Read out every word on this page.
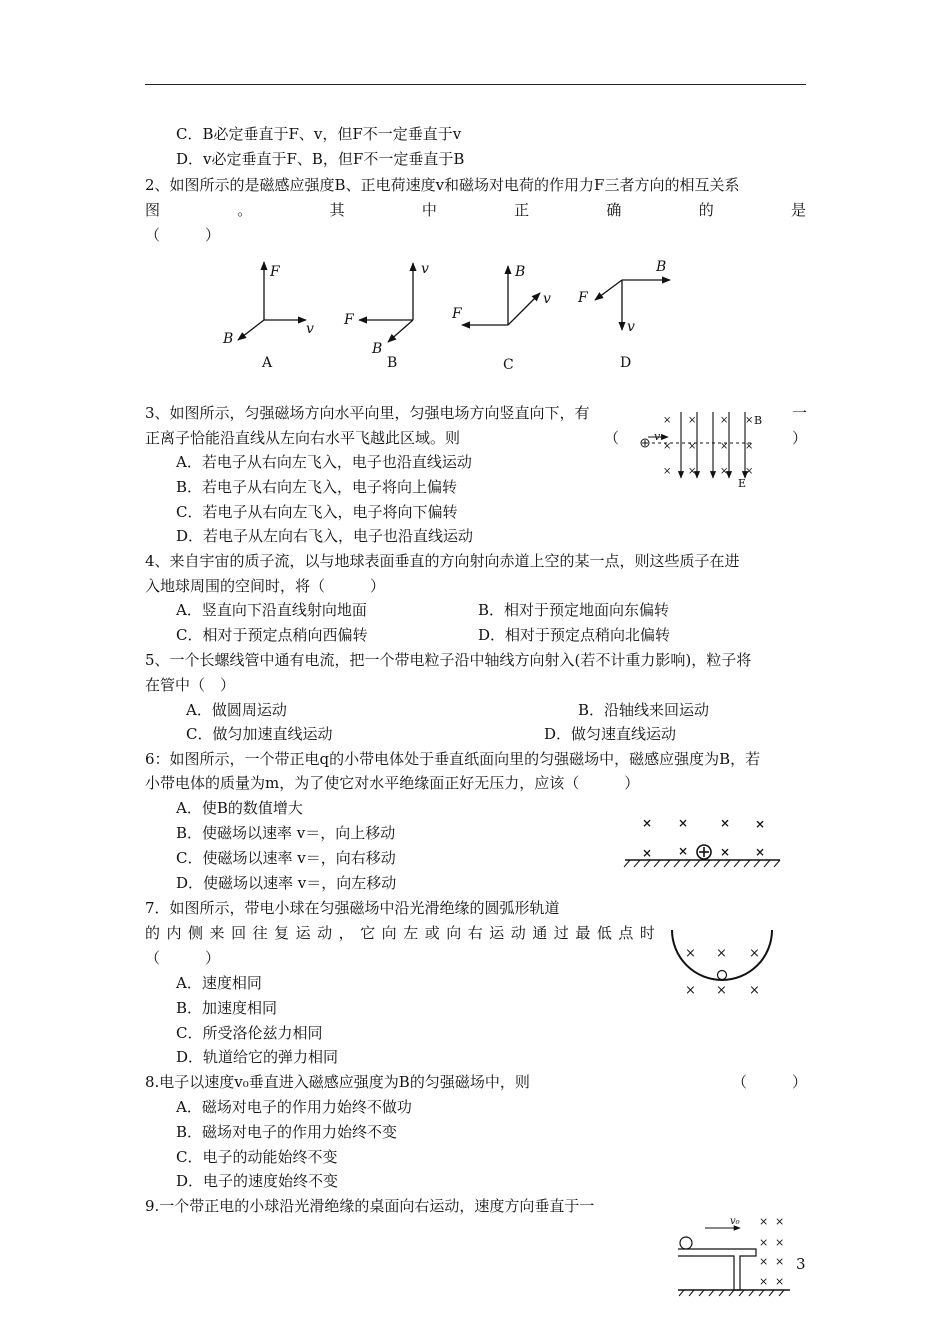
C．B必定垂直于F、v，但F不一定垂直于v
D．v必定垂直于F、B，但F不一定垂直于B
2、如图所示的是磁感应强度B、正电荷速度v和磁场对电荷的作用力F三者方向的相互关系
图	。	其	中	正	确	的	是
（　　　）
F
v
B
v
F
B
B
v
F
B
v
F
A	B	C	D
3、如图所示，匀强磁场方向水平向里，匀强电场方向竖直向下，有	一
正离子恰能沿直线从左向右水平飞越此区域。则	（	）
A．若电子从右向左飞入，电子也沿直线运动
B．若电子从右向左飞入，电子将向上偏转
C．若电子从右向左飞入，电子将向下偏转
D．若电子从左向右飞入，电子也沿直线运动
× × × ×
× × × ×
× × × ×
B
E
v
4、来自宇宙的质子流，以与地球表面垂直的方向射向赤道上空的某一点，则这些质子在进
入地球周围的空间时，将（　　　）
A．竖直向下沿直线射向地面	B．相对于预定地面向东偏转
C．相对于预定点稍向西偏转	D．相对于预定点稍向北偏转
5、一个长螺线管中通有电流，把一个带电粒子沿中轴线方向射入(若不计重力影响)，粒子将
在管中（　）
A．做圆周运动	B．沿轴线来回运动
C．做匀加速直线运动	D．做匀速直线运动
6：如图所示，一个带正电q的小带电体处于垂直纸面向里的匀强磁场中，磁感应强度为B，若
小带电体的质量为m，为了使它对水平绝缘面正好无压力，应该（　　　）
A．使B的数值增大
B．使磁场以速率 v＝，向上移动
C．使磁场以速率 v＝，向右移动
D．使磁场以速率 v＝，向左移动
× ×	× ×
× ×	× ×
7．如图所示，带电小球在匀强磁场中沿光滑绝缘的圆弧形轨道
的 内 侧 来 回 往 复 运 动 ， 它 向 左 或 向 右 运 动 通 过 最 低 点 时
（　　　）
A．速度相同
B．加速度相同
C．所受洛伦兹力相同
D．轨道给它的弹力相同
× × ×
× × ×
8.电子以速度v₀垂直进入磁感应强度为B的匀强磁场中，则	（　　　）
A．磁场对电子的作用力始终不做功
B．磁场对电子的作用力始终不变
C．电子的动能始终不变
D．电子的速度始终不变
9.一个带正电的小球沿光滑绝缘的桌面向右运动，速度方向垂直于一
v₀ × ×
× ×
× ×
× ×
3
